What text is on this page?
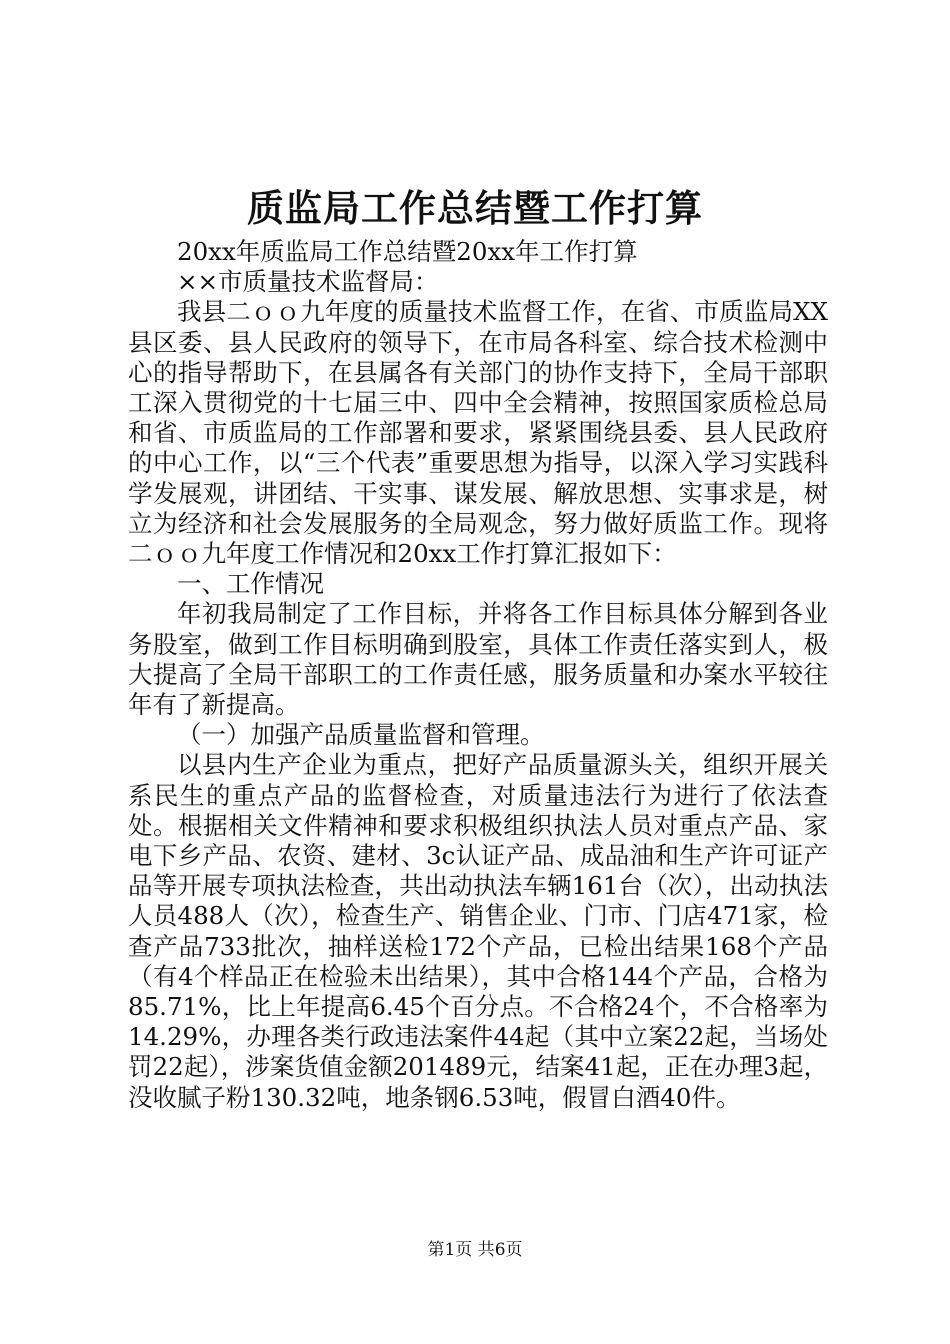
质监局工作总结暨工作打算

20xx年质监局工作总结暨20xx年工作打算

××市质量技术监督局：

我县二ｏｏ九年度的质量技术监督工作，在省、市质监局XX县区委、县人民政府的领导下，在市局各科室、综合技术检测中心的指导帮助下，在县属各有关部门的协作支持下，全局干部职工深入贯彻党的十七届三中、四中全会精神，按照国家质检总局和省、市质监局的工作部署和要求，紧紧围绕县委、县人民政府的中心工作，以“三个代表”重要思想为指导，以深入学习实践科学发展观，讲团结、干实事、谋发展、解放思想、实事求是，树立为经济和社会发展服务的全局观念，努力做好质监工作。现将二ｏｏ九年度工作情况和20xx工作打算汇报如下：

一、工作情况

年初我局制定了工作目标，并将各工作目标具体分解到各业务股室，做到工作目标明确到股室，具体工作责任落实到人，极大提高了全局干部职工的工作责任感，服务质量和办案水平较往年有了新提高。

（一）加强产品质量监督和管理。

以县内生产企业为重点，把好产品质量源头关，组织开展关系民生的重点产品的监督检查，对质量违法行为进行了依法查处。根据相关文件精神和要求积极组织执法人员对重点产品、家电下乡产品、农资、建材、3c认证产品、成品油和生产许可证产品等开展专项执法检查，共出动执法车辆161台（次），出动执法人员488人（次），检查生产、销售企业、门市、门店471家，检查产品733批次，抽样送检172个产品，已检出结果168个产品（有4个样品正在检验未出结果），其中合格144个产品，合格为85.71%，比上年提高6.45个百分点。不合格24个，不合格率为14.29%，办理各类行政违法案件44起（其中立案22起，当场处罚22起），涉案货值金额201489元，结案41起，正在办理3起，没收腻子粉130.32吨，地条钢6.53吨，假冒白酒40件。

第1页 共6页
